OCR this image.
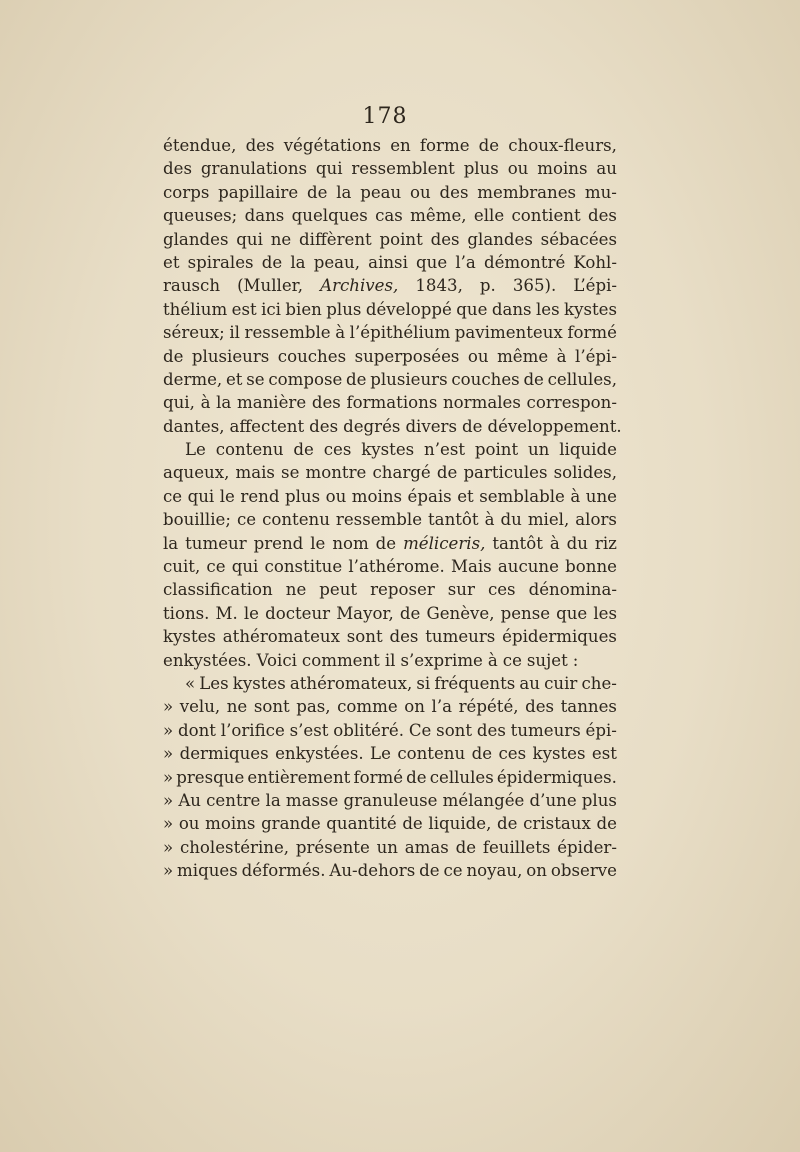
178
étendue, des végétations en forme de choux-fleurs,
des granulations qui ressemblent plus ou moins au
corps papillaire de la peau ou des membranes mu-
queuses; dans quelques cas même, elle contient des
glandes qui ne diffèrent point des glandes sébacées
et spirales de la peau, ainsi que l’a démontré Kohl-
rausch (Muller, Archives, 1843, p. 365). L’épi-
thélium est ici bien plus développé que dans les kystes
séreux; il ressemble à l’épithélium pavimenteux formé
de plusieurs couches superposées ou même à l’épi-
derme, et se compose de plusieurs couches de cellules,
qui, à la manière des formations normales correspon-
dantes, affectent des degrés divers de développement.
Le contenu de ces kystes n’est point un liquide
aqueux, mais se montre chargé de particules solides,
ce qui le rend plus ou moins épais et semblable à une
bouillie; ce contenu ressemble tantôt à du miel, alors
la tumeur prend le nom de méliceris, tantôt à du riz
cuit, ce qui constitue l’athérome. Mais aucune bonne
classification ne peut reposer sur ces dénomina-
tions. M. le docteur Mayor, de Genève, pense que les
kystes athéromateux sont des tumeurs épidermiques
enkystées. Voici comment il s’exprime à ce sujet :
« Les kystes athéromateux, si fréquents au cuir che-
» velu, ne sont pas, comme on l’a répété, des tannes
» dont l’orifice s’est oblitéré. Ce sont des tumeurs épi-
» dermiques enkystées. Le contenu de ces kystes est
» presque entièrement formé de cellules épidermiques.
» Au centre la masse granuleuse mélangée d’une plus
» ou moins grande quantité de liquide, de cristaux de
» cholestérine, présente un amas de feuillets épider-
» miques déformés. Au-dehors de ce noyau, on observe
